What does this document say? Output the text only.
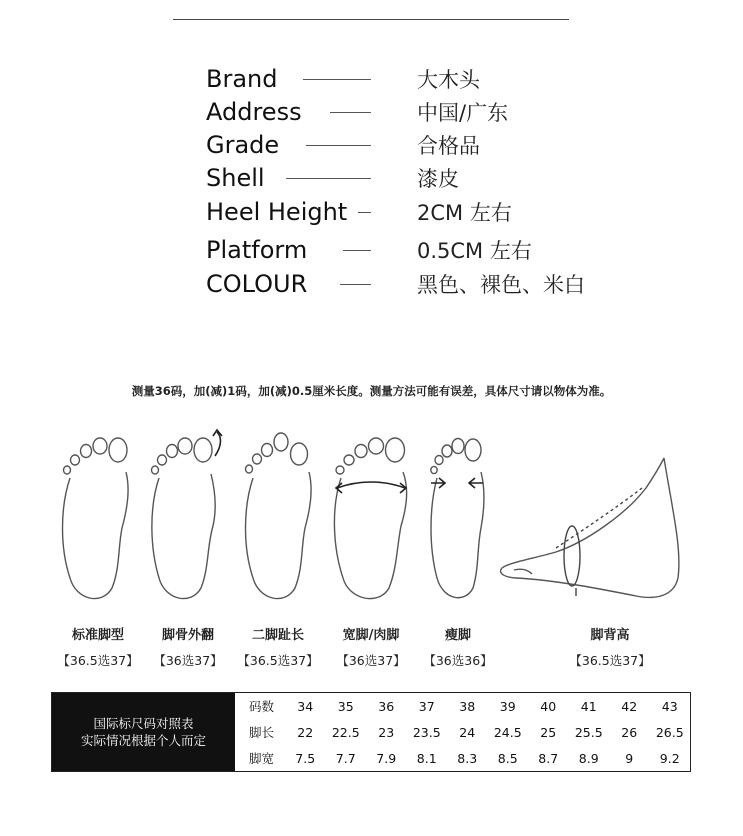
Brand	大木头
Address	中国/广东
Grade	合格品
Shell	漆皮
Heel Height	2CM 左右
Platform	0.5CM 左右
COLOUR	黑色、裸色、米白
测量36码，加(减)1码，加(减)0.5厘米长度。测量方法可能有误差，具体尺寸请以物体为准。
标准脚型
【36.5选37】
脚骨外翻
【36选37】
二脚趾长
【36.5选37】
宽脚/肉脚
【36选37】
瘦脚
【36选36】
脚背高
【36.5选37】
国际标尺码对照表
实际情况根据个人而定
码数	34	35	36	37	38	39	40	41	42	43
脚长	22	22.5	23	23.5	24	24.5	25	25.5	26	26.5
脚宽	7.5	7.7	7.9	8.1	8.3	8.5	8.7	8.9	9	9.2
